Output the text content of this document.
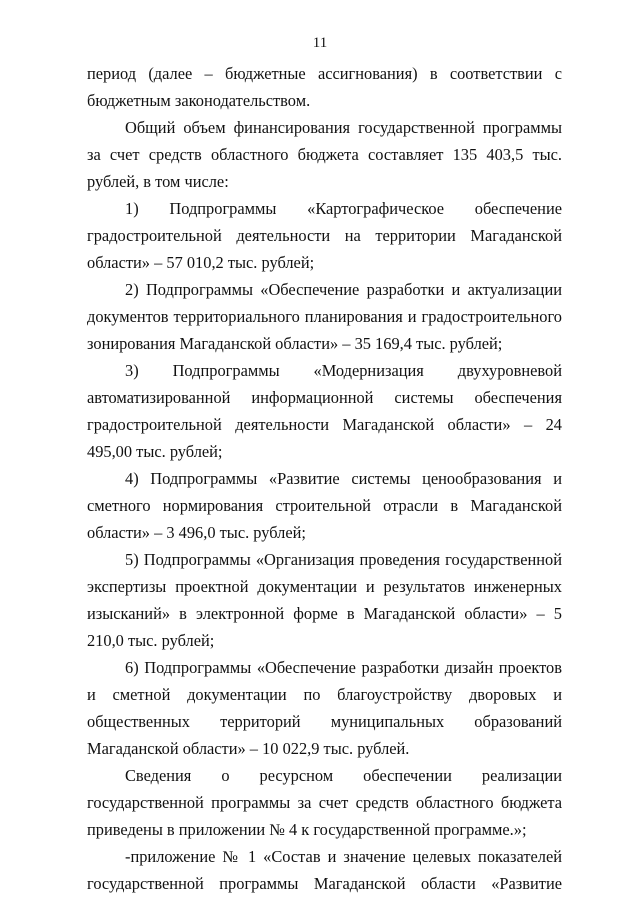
11

период (далее – бюджетные ассигнования) в соответствии с бюджетным законодательством.

Общий объем финансирования государственной программы за счет средств областного бюджета составляет 135 403,5 тыс. рублей, в том числе:

1) Подпрограммы «Картографическое обеспечение градостроительной деятельности на территории Магаданской области» – 57 010,2 тыс. рублей;

2) Подпрограммы «Обеспечение разработки и актуализации документов территориального планирования и градостроительного зонирования Магаданской области» – 35 169,4 тыс. рублей;

3) Подпрограммы «Модернизация двухуровневой автоматизированной информационной системы обеспечения градостроительной деятельности Магаданской области» – 24 495,00 тыс. рублей;

4) Подпрограммы «Развитие системы ценообразования и сметного нормирования строительной отрасли в Магаданской области» – 3 496,0 тыс. рублей;

5) Подпрограммы «Организация проведения государственной экспертизы проектной документации и результатов инженерных изысканий» в электронной форме в Магаданской области» – 5 210,0 тыс. рублей;

6) Подпрограммы «Обеспечение разработки дизайн проектов и сметной документации по благоустройству дворовых и общественных территорий муниципальных образований Магаданской области» – 10 022,9 тыс. рублей.

Сведения о ресурсном обеспечении реализации государственной программы за счет средств областного бюджета приведены в приложении № 4 к государственной программе.»;

-приложение № 1 «Состав и значение целевых показателей государственной программы Магаданской области «Развитие
